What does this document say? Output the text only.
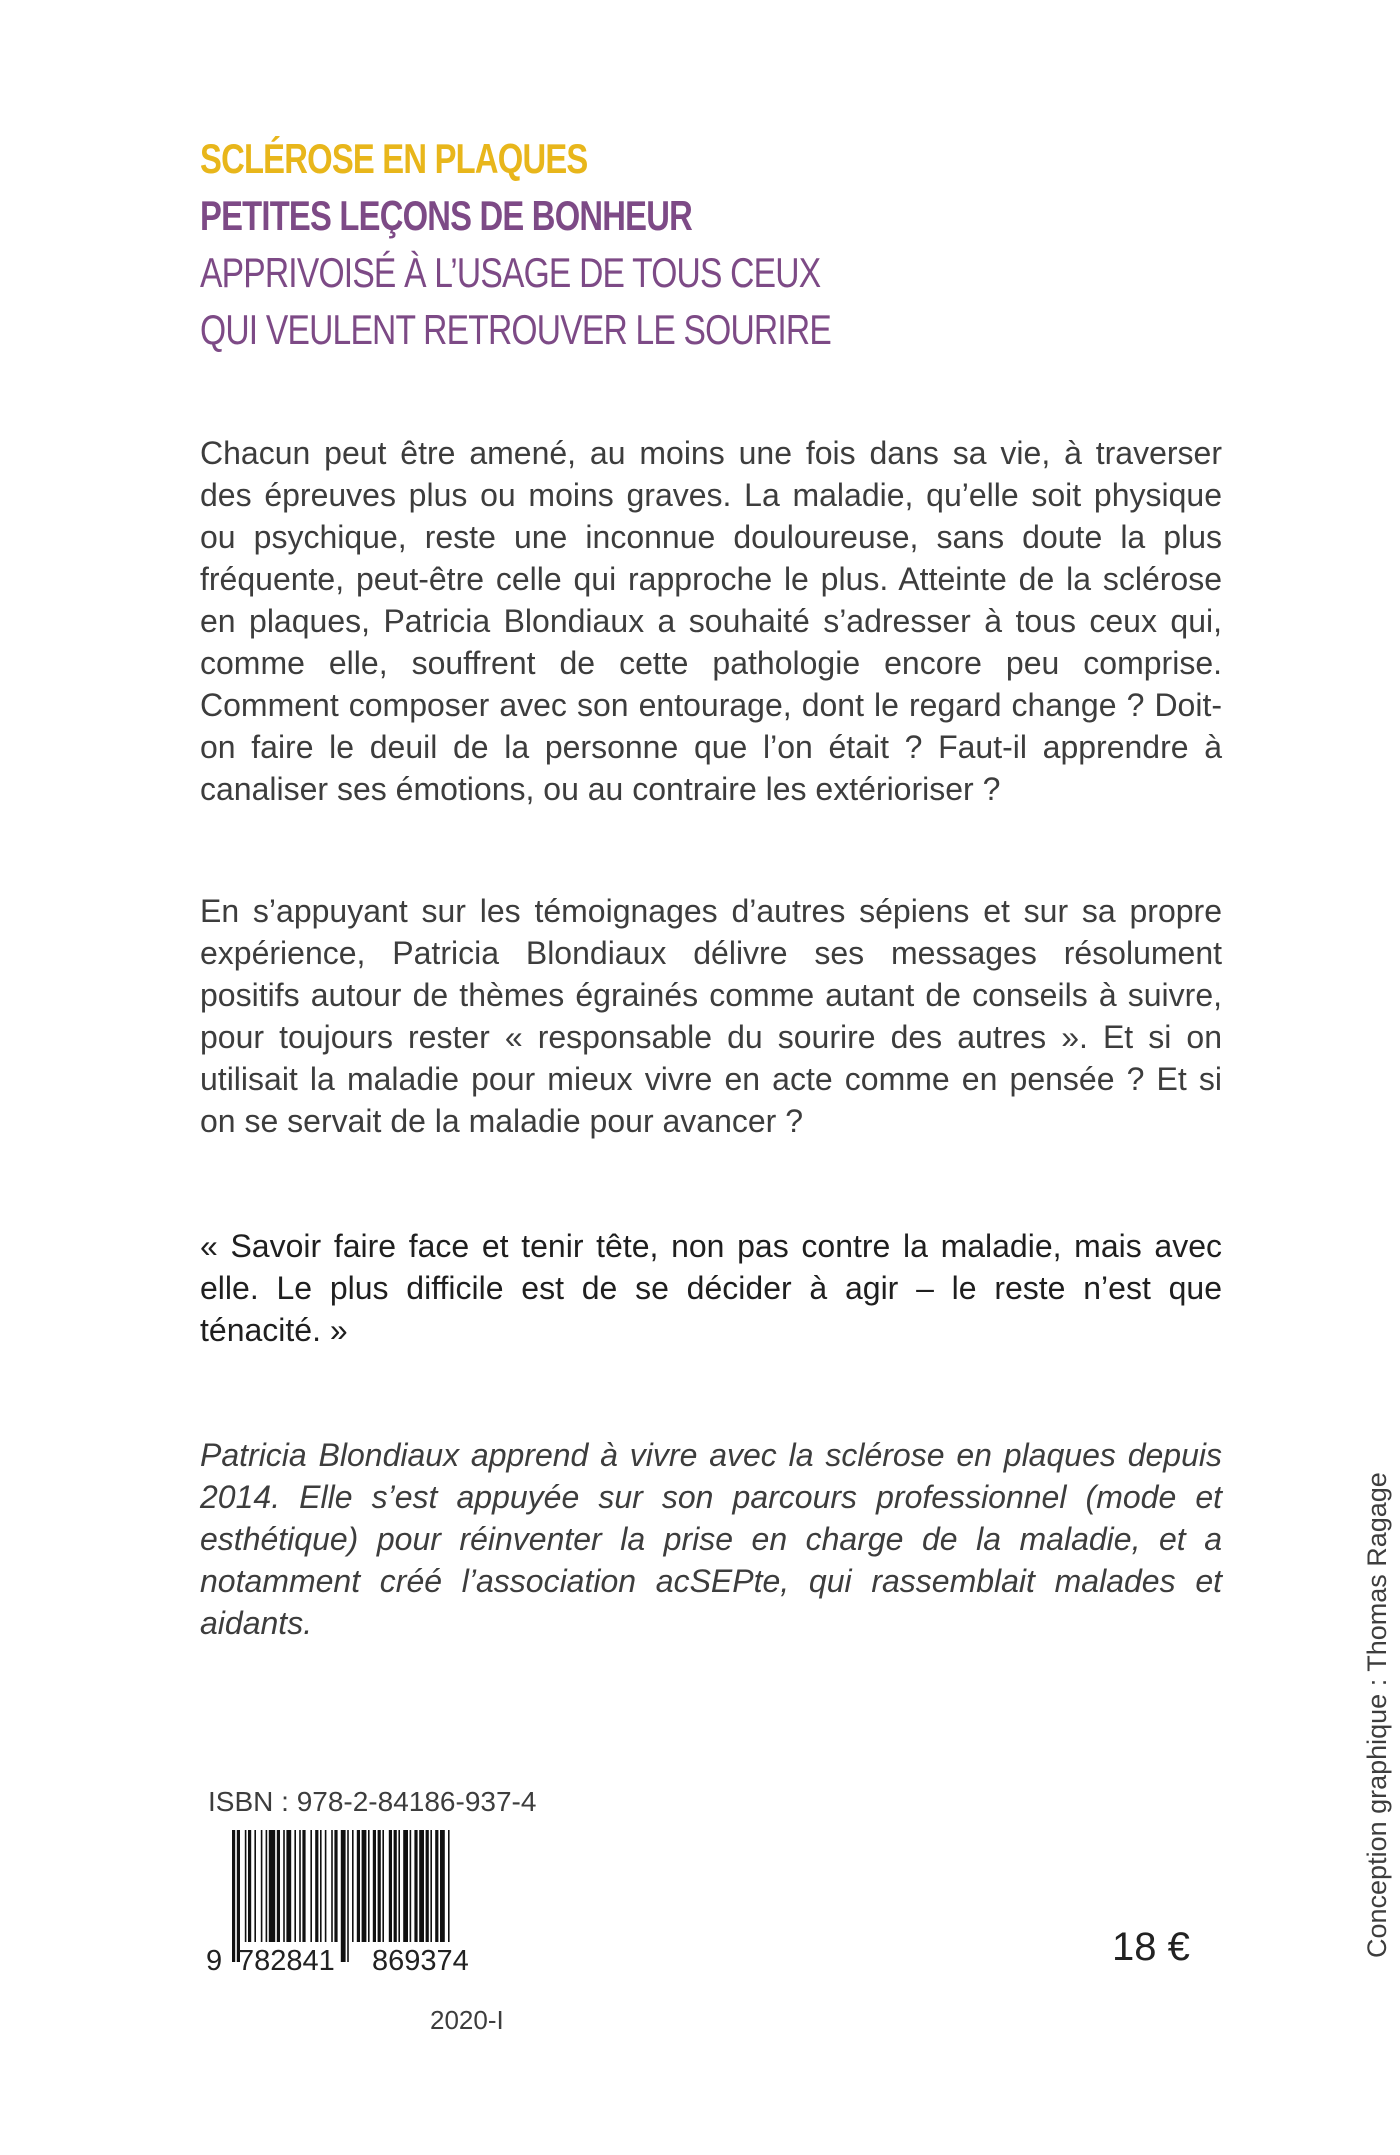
SCLÉROSE EN PLAQUES
PETITES LEÇONS DE BONHEUR
APPRIVOISÉ À L’USAGE DE TOUS CEUX
QUI VEULENT RETROUVER LE SOURIRE

Chacun peut être amené, au moins une fois dans sa vie, à traverser des épreuves plus ou moins graves. La maladie, qu’elle soit physique ou psychique, reste une inconnue douloureuse, sans doute la plus fréquente, peut-être celle qui rapproche le plus. Atteinte de la sclérose en plaques, Patricia Blondiaux a souhaité s’adresser à tous ceux qui, comme elle, souffrent de cette pathologie encore peu comprise. Comment composer avec son entourage, dont le regard change ? Doit-on faire le deuil de la personne que l’on était ? Faut-il apprendre à canaliser ses émotions, ou au contraire les extérioriser ?

En s’appuyant sur les témoignages d’autres sépiens et sur sa propre expérience, Patricia Blondiaux délivre ses messages résolument positifs autour de thèmes égrainés comme autant de conseils à suivre, pour toujours rester « responsable du sourire des autres ». Et si on utilisait la maladie pour mieux vivre en acte comme en pensée ? Et si on se servait de la maladie pour avancer ?

« Savoir faire face et tenir tête, non pas contre la maladie, mais avec elle. Le plus difficile est de se décider à agir – le reste n’est que ténacité. »

Patricia Blondiaux apprend à vivre avec la sclérose en plaques depuis 2014. Elle s’est appuyée sur son parcours professionnel (mode et esthétique) pour réinventer la prise en charge de la maladie, et a notamment créé l’association acSEPte, qui rassemblait malades et aidants.

ISBN : 978-2-84186-937-4
9 782841 869374	18 €
2020-I
Conception graphique : Thomas Ragage
